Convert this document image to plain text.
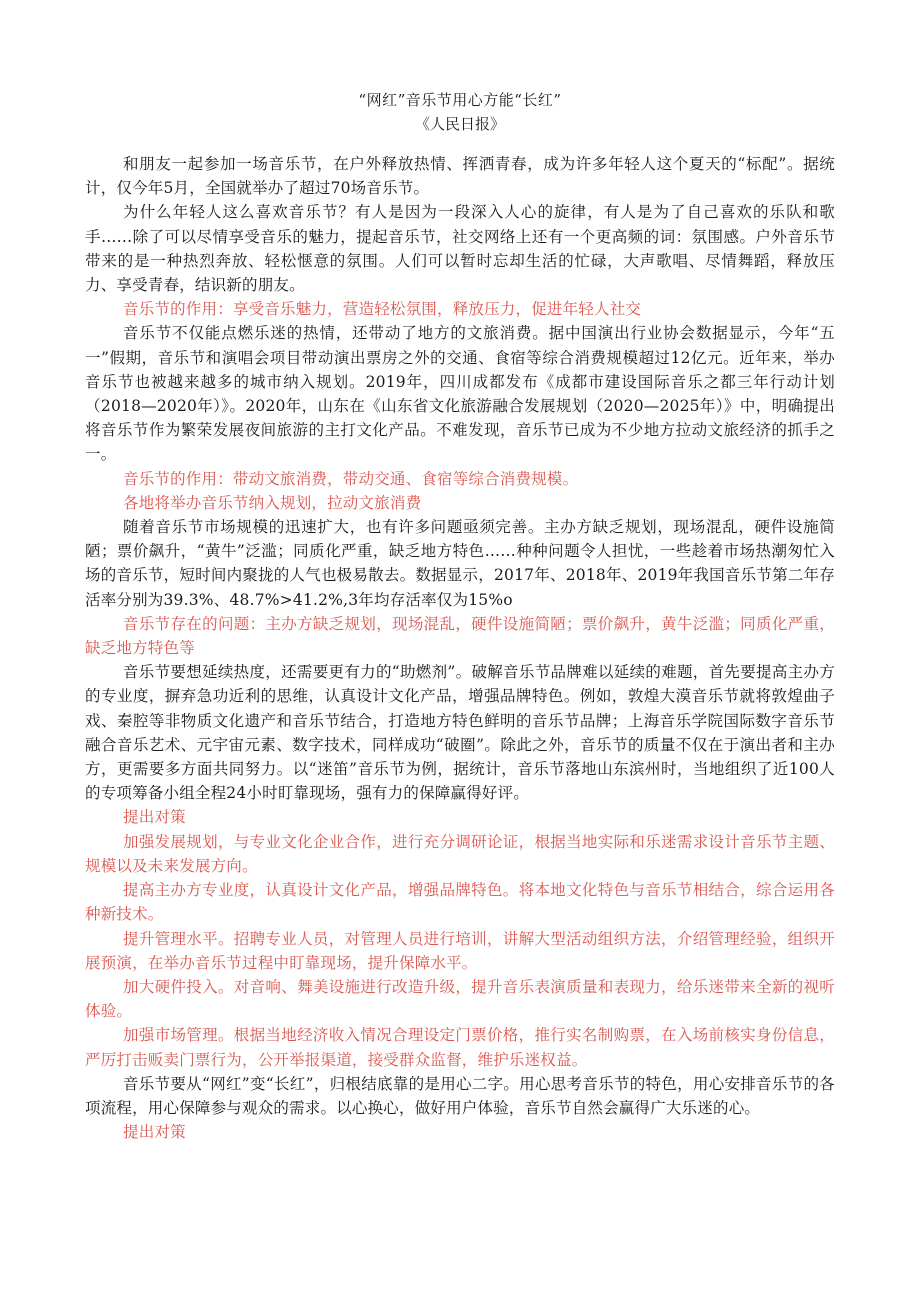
“网红”音乐节用心方能“长红”

《人民日报》

和朋友一起参加一场音乐节，在户外释放热情、挥洒青春，成为许多年轻人这个夏天的“标配”。据统计，仅今年5月，全国就举办了超过70场音乐节。

为什么年轻人这么喜欢音乐节？有人是因为一段深入人心的旋律，有人是为了自己喜欢的乐队和歌手……除了可以尽情享受音乐的魅力，提起音乐节，社交网络上还有一个更高频的词：氛围感。户外音乐节带来的是一种热烈奔放、轻松惬意的氛围。人们可以暂时忘却生活的忙碌，大声歌唱、尽情舞蹈，释放压力、享受青春，结识新的朋友。

音乐节的作用：享受音乐魅力，营造轻松氛围，释放压力，促进年轻人社交

音乐节不仅能点燃乐迷的热情，还带动了地方的文旅消费。据中国演出行业协会数据显示，今年“五一”假期，音乐节和演唱会项目带动演出票房之外的交通、食宿等综合消费规模超过12亿元。近年来，举办音乐节也被越来越多的城市纳入规划。2019年，四川成都发布《成都市建设国际音乐之都三年行动计划（2018—2020年）》。2020年，山东在《山东省文化旅游融合发展规划（2020—2025年）》中，明确提出将音乐节作为繁荣发展夜间旅游的主打文化产品。不难发现，音乐节已成为不少地方拉动文旅经济的抓手之一。

音乐节的作用：带动文旅消费，带动交通、食宿等综合消费规模。

各地将举办音乐节纳入规划，拉动文旅消费

随着音乐节市场规模的迅速扩大，也有许多问题亟须完善。主办方缺乏规划，现场混乱，硬件设施简陋；票价飙升，“黄牛”泛滥；同质化严重，缺乏地方特色……种种问题令人担忧，一些趁着市场热潮匆忙入场的音乐节，短时间内聚拢的人气也极易散去。数据显示，2017年、2018年、2019年我国音乐节第二年存活率分别为39.3%、48.7%>41.2%,3年均存活率仅为15%o

音乐节存在的问题：主办方缺乏规划，现场混乱，硬件设施简陋；票价飙升，黄牛泛滥；同质化严重，缺乏地方特色等

音乐节要想延续热度，还需要更有力的“助燃剂”。破解音乐节品牌难以延续的难题，首先要提高主办方的专业度，摒弃急功近利的思维，认真设计文化产品，增强品牌特色。例如，敦煌大漠音乐节就将敦煌曲子戏、秦腔等非物质文化遗产和音乐节结合，打造地方特色鲜明的音乐节品牌；上海音乐学院国际数字音乐节融合音乐艺术、元宇宙元素、数字技术，同样成功“破圈”。除此之外，音乐节的质量不仅在于演出者和主办方，更需要多方面共同努力。以“迷笛”音乐节为例，据统计，音乐节落地山东滨州时，当地组织了近100人的专项筹备小组全程24小时盯靠现场，强有力的保障赢得好评。

提出对策

加强发展规划，与专业文化企业合作，进行充分调研论证，根据当地实际和乐迷需求设计音乐节主题、规模以及未来发展方向。

提高主办方专业度，认真设计文化产品，增强品牌特色。将本地文化特色与音乐节相结合，综合运用各种新技术。

提升管理水平。招聘专业人员，对管理人员进行培训，讲解大型活动组织方法，介绍管理经验，组织开展预演，在举办音乐节过程中盯靠现场，提升保障水平。

加大硬件投入。对音响、舞美设施进行改造升级，提升音乐表演质量和表现力，给乐迷带来全新的视听体验。

加强市场管理。根据当地经济收入情况合理设定门票价格，推行实名制购票，在入场前核实身份信息，严厉打击贩卖门票行为，公开举报渠道，接受群众监督，维护乐迷权益。

音乐节要从“网红”变“长红”，归根结底靠的是用心二字。用心思考音乐节的特色，用心安排音乐节的各项流程，用心保障参与观众的需求。以心换心，做好用户体验，音乐节自然会赢得广大乐迷的心。

提出对策
